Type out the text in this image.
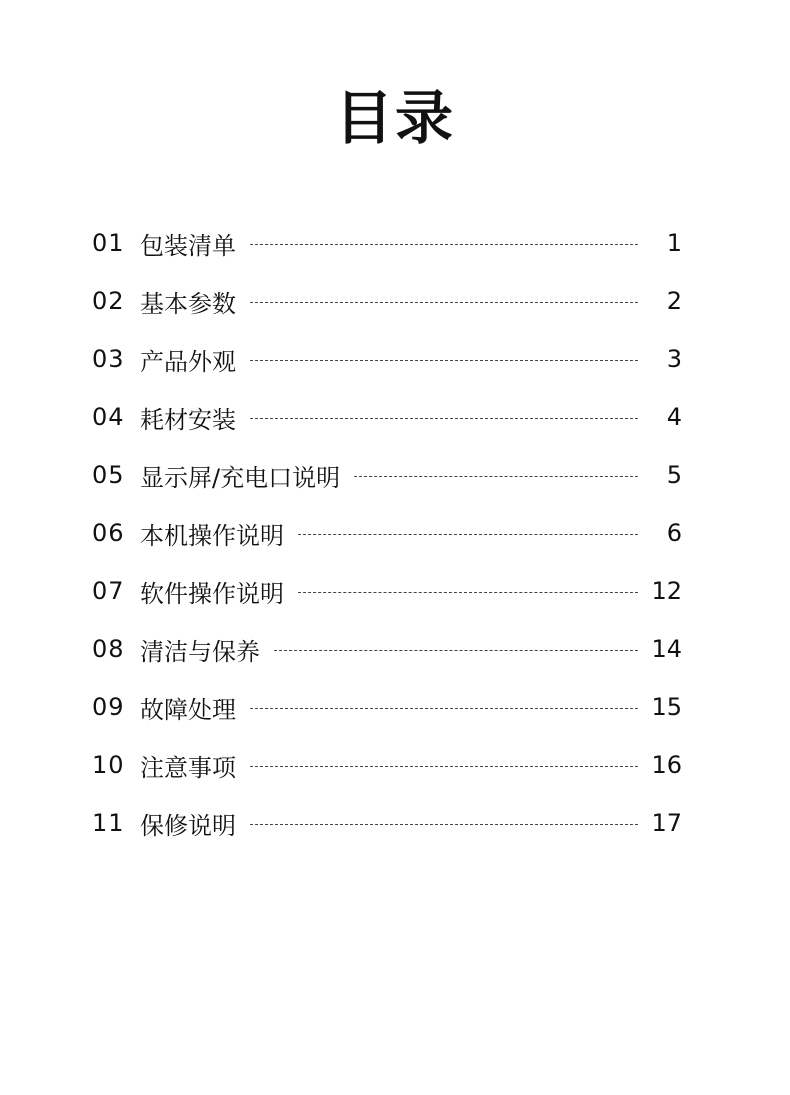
目录
01 包装清单	1
02 基本参数	2
03 产品外观	3
04 耗材安装	4
05 显示屏/充电口说明	5
06 本机操作说明	6
07 软件操作说明	12
08 清洁与保养	14
09 故障处理	15
10 注意事项	16
11 保修说明	17
